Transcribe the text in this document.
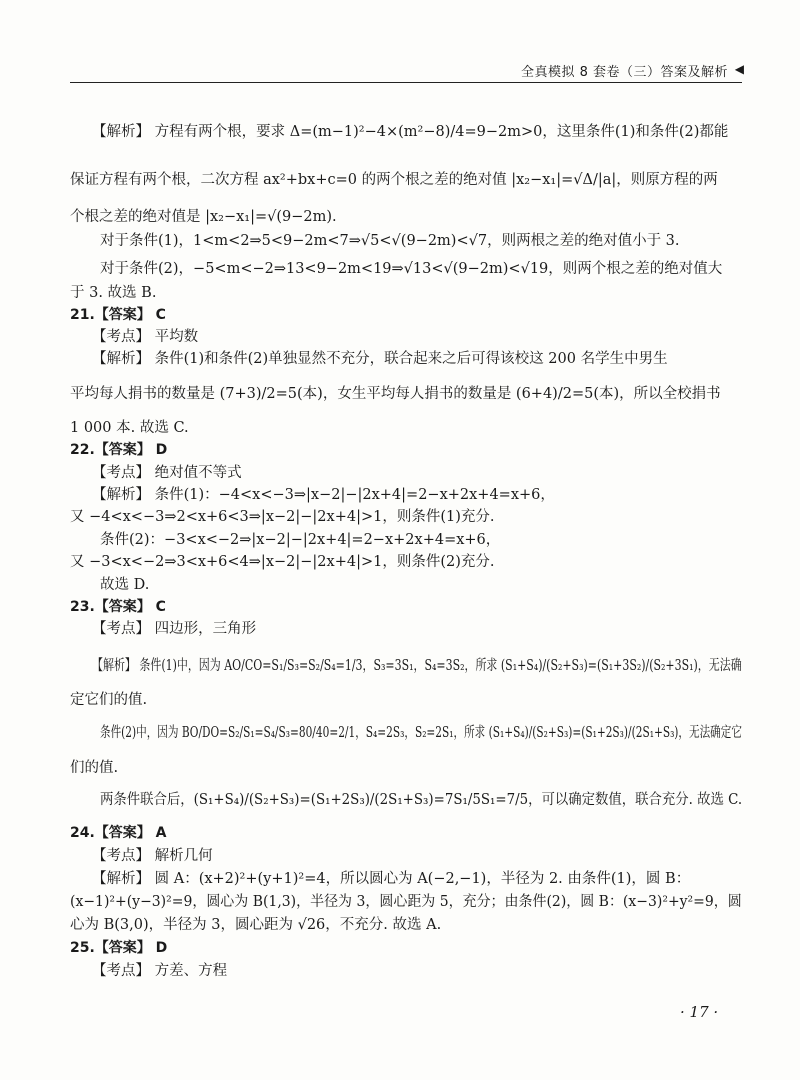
全真模拟 8 套卷（三）答案及解析 ◀
【解析】 方程有两个根，要求 Δ=(m−1)²−4×(m²−8)/4=9−2m>0，这里条件(1)和条件(2)都能
保证方程有两个根，二次方程 ax²+bx+c=0 的两个根之差的绝对值 |x₂−x₁|=√Δ/|a|，则原方程的两
个根之差的绝对值是 |x₂−x₁|=√(9−2m).
对于条件(1)，1<m<2⇒5<9−2m<7⇒√5<√(9−2m)<√7，则两根之差的绝对值小于 3.
对于条件(2)，−5<m<−2⇒13<9−2m<19⇒√13<√(9−2m)<√19，则两个根之差的绝对值大
于 3. 故选 B.
21.【答案】 C
【考点】 平均数
【解析】 条件(1)和条件(2)单独显然不充分，联合起来之后可得该校这 200 名学生中男生
平均每人捐书的数量是 (7+3)/2=5(本)，女生平均每人捐书的数量是 (6+4)/2=5(本)，所以全校捐书
1 000 本. 故选 C.
22.【答案】 D
【考点】 绝对值不等式
【解析】 条件(1)：−4<x<−3⇒|x−2|−|2x+4|=2−x+2x+4=x+6，
又 −4<x<−3⇒2<x+6<3⇒|x−2|−|2x+4|>1，则条件(1)充分.
条件(2)：−3<x<−2⇒|x−2|−|2x+4|=2−x+2x+4=x+6，
又 −3<x<−2⇒3<x+6<4⇒|x−2|−|2x+4|>1，则条件(2)充分.
故选 D.
23.【答案】 C
【考点】 四边形，三角形
【解析】 条件(1)中，因为 AO/CO=S₁/S₃=S₂/S₄=1/3，S₃=3S₁，S₄=3S₂，所求 (S₁+S₄)/(S₂+S₃)=(S₁+3S₂)/(S₂+3S₁)，无法确
定它们的值.
条件(2)中，因为 BO/DO=S₂/S₁=S₄/S₃=80/40=2/1，S₄=2S₃，S₂=2S₁，所求 (S₁+S₄)/(S₂+S₃)=(S₁+2S₃)/(2S₁+S₃)，无法确定它
们的值.
两条件联合后，(S₁+S₄)/(S₂+S₃)=(S₁+2S₃)/(2S₁+S₃)=7S₁/5S₁=7/5，可以确定数值，联合充分. 故选 C.
24.【答案】 A
【考点】 解析几何
【解析】 圆 A：(x+2)²+(y+1)²=4，所以圆心为 A(−2,−1)，半径为 2. 由条件(1)，圆 B：
(x−1)²+(y−3)²=9，圆心为 B(1,3)，半径为 3，圆心距为 5，充分；由条件(2)，圆 B：(x−3)²+y²=9，圆
心为 B(3,0)，半径为 3，圆心距为 √26，不充分. 故选 A.
25.【答案】 D
【考点】 方差、方程
· 17 ·
